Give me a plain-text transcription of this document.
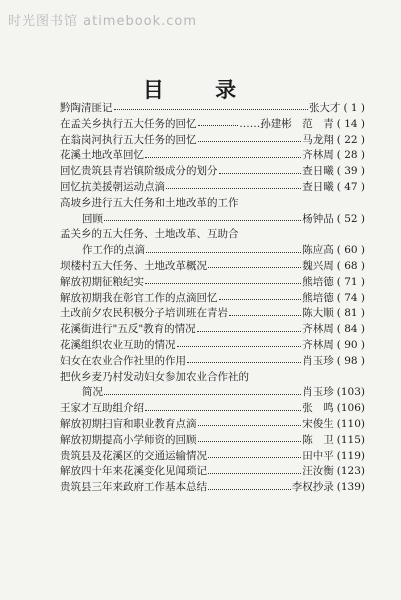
时光图书馆 atimebook.com
目 录
黔陶清匪记	张大才 ( 1 )
在孟关乡执行五大任务的回忆	……孙建彬　范　青 ( 14 )
在翁岗河执行五大任务的回忆	马龙翔 ( 22 )
花溪土地改革回忆	齐林周 ( 28 )
回忆贵筑县青岩镇阶级成分的划分	查日曦 ( 39 )
回忆抗美援朝运动点滴	查日曦 ( 47 )
高坡乡进行五大任务和土地改革的工作
回顾	杨钟品 ( 52 )
孟关乡的五大任务、土地改革、互助合
作工作的点滴	陈应高 ( 60 )
坝楼村五大任务、土地改革概况	魏兴周 ( 68 )
解放初期征粮纪实	熊培德 ( 71 )
解放初期我在彰官工作的点滴回忆	熊培德 ( 74 )
土改前夕农民积极分子培训班在青岩	陈大顺 ( 81 )
花溪街进行"五反"教育的情况	齐林周 ( 84 )
花溪组织农业互助的情况	齐林周 ( 90 )
妇女在农业合作社里的作用	肖玉珍 ( 98 )
把伙乡麦乃村发动妇女参加农业合作社的
简况	肖玉珍 (103)
王家才互助组介绍	张　鸣 (106)
解放初期扫盲和职业教育点滴	宋俊生 (110)
解放初期提高小学师资的回顾	陈　卫 (115)
贵筑县及花溪区的交通运输情况	田中平 (119)
解放四十年来花溪变化见闻琐记	汪汝衡 (123)
贵筑县三年来政府工作基本总结	李权抄录 (139)
